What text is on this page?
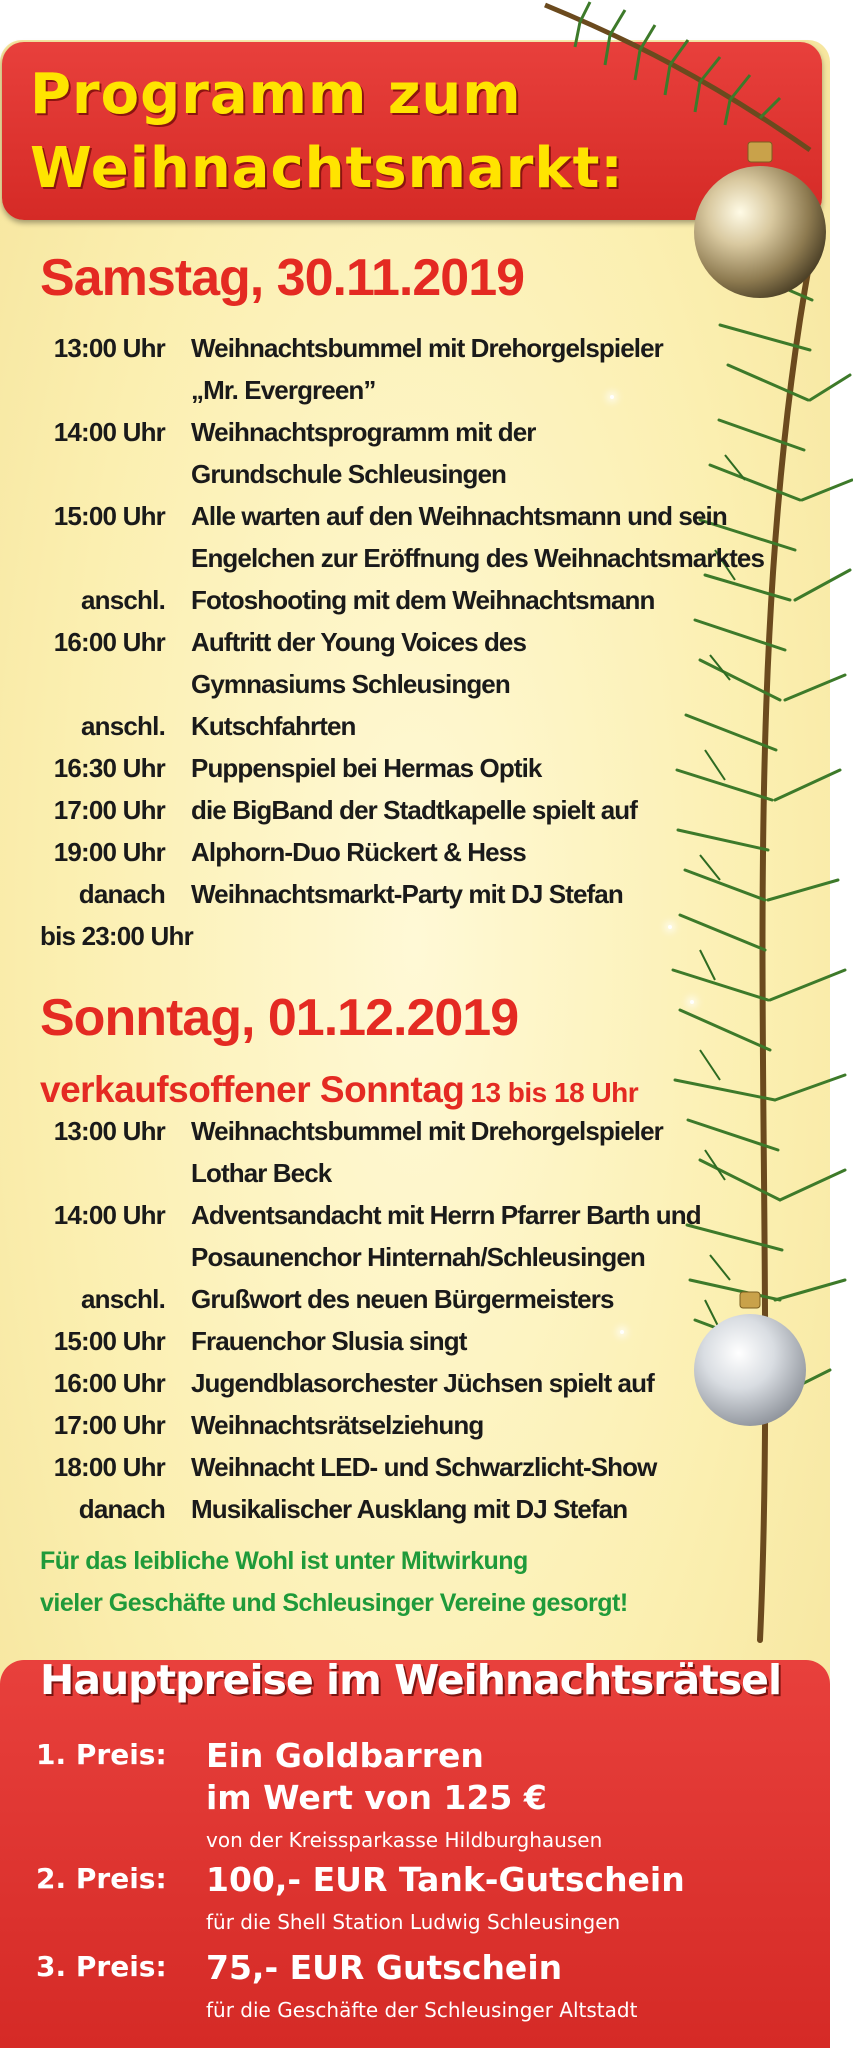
Programm zum
Weihnachtsmarkt:
Samstag, 30.11.2019
13:00 Uhr Weihnachtsbummel mit Drehorgelspieler
„Mr. Evergreen”
14:00 Uhr Weihnachtsprogramm mit der
Grundschule Schleusingen
15:00 Uhr Alle warten auf den Weihnachtsmann und sein
Engelchen zur Eröffnung des Weihnachtsmarktes
anschl. Fotoshooting mit dem Weihnachtsmann
16:00 Uhr Auftritt der Young Voices des
Gymnasiums Schleusingen
anschl. Kutschfahrten
16:30 Uhr Puppenspiel bei Hermas Optik
17:00 Uhr die BigBand der Stadtkapelle spielt auf
19:00 Uhr Alphorn-Duo Rückert & Hess
danach Weihnachtsmarkt-Party mit DJ Stefan
bis 23:00 Uhr
Sonntag, 01.12.2019

verkaufsoffener Sonntag 13 bis 18 Uhr

13:00 Uhr Weihnachtsbummel mit Drehorgelspieler
Lothar Beck
14:00 Uhr Adventsandacht mit Herrn Pfarrer Barth und
Posaunenchor Hinternah/Schleusingen
anschl. Grußwort des neuen Bürgermeisters
15:00 Uhr Frauenchor Slusia singt
16:00 Uhr Jugendblasorchester Jüchsen spielt auf
17:00 Uhr Weihnachtsrätselziehung
18:00 Uhr Weihnacht LED- und Schwarzlicht-Show
danach Musikalischer Ausklang mit DJ Stefan

Für das leibliche Wohl ist unter Mitwirkung
vieler Geschäfte und Schleusinger Vereine gesorgt!

Hauptpreise im Weihnachtsrätsel
1. Preis: Ein Goldbarren
im Wert von 125 €
von der Kreissparkasse Hildburghausen
2. Preis: 100,- EUR Tank-Gutschein
für die Shell Station Ludwig Schleusingen
3. Preis: 75,- EUR Gutschein
für die Geschäfte der Schleusinger Altstadt
